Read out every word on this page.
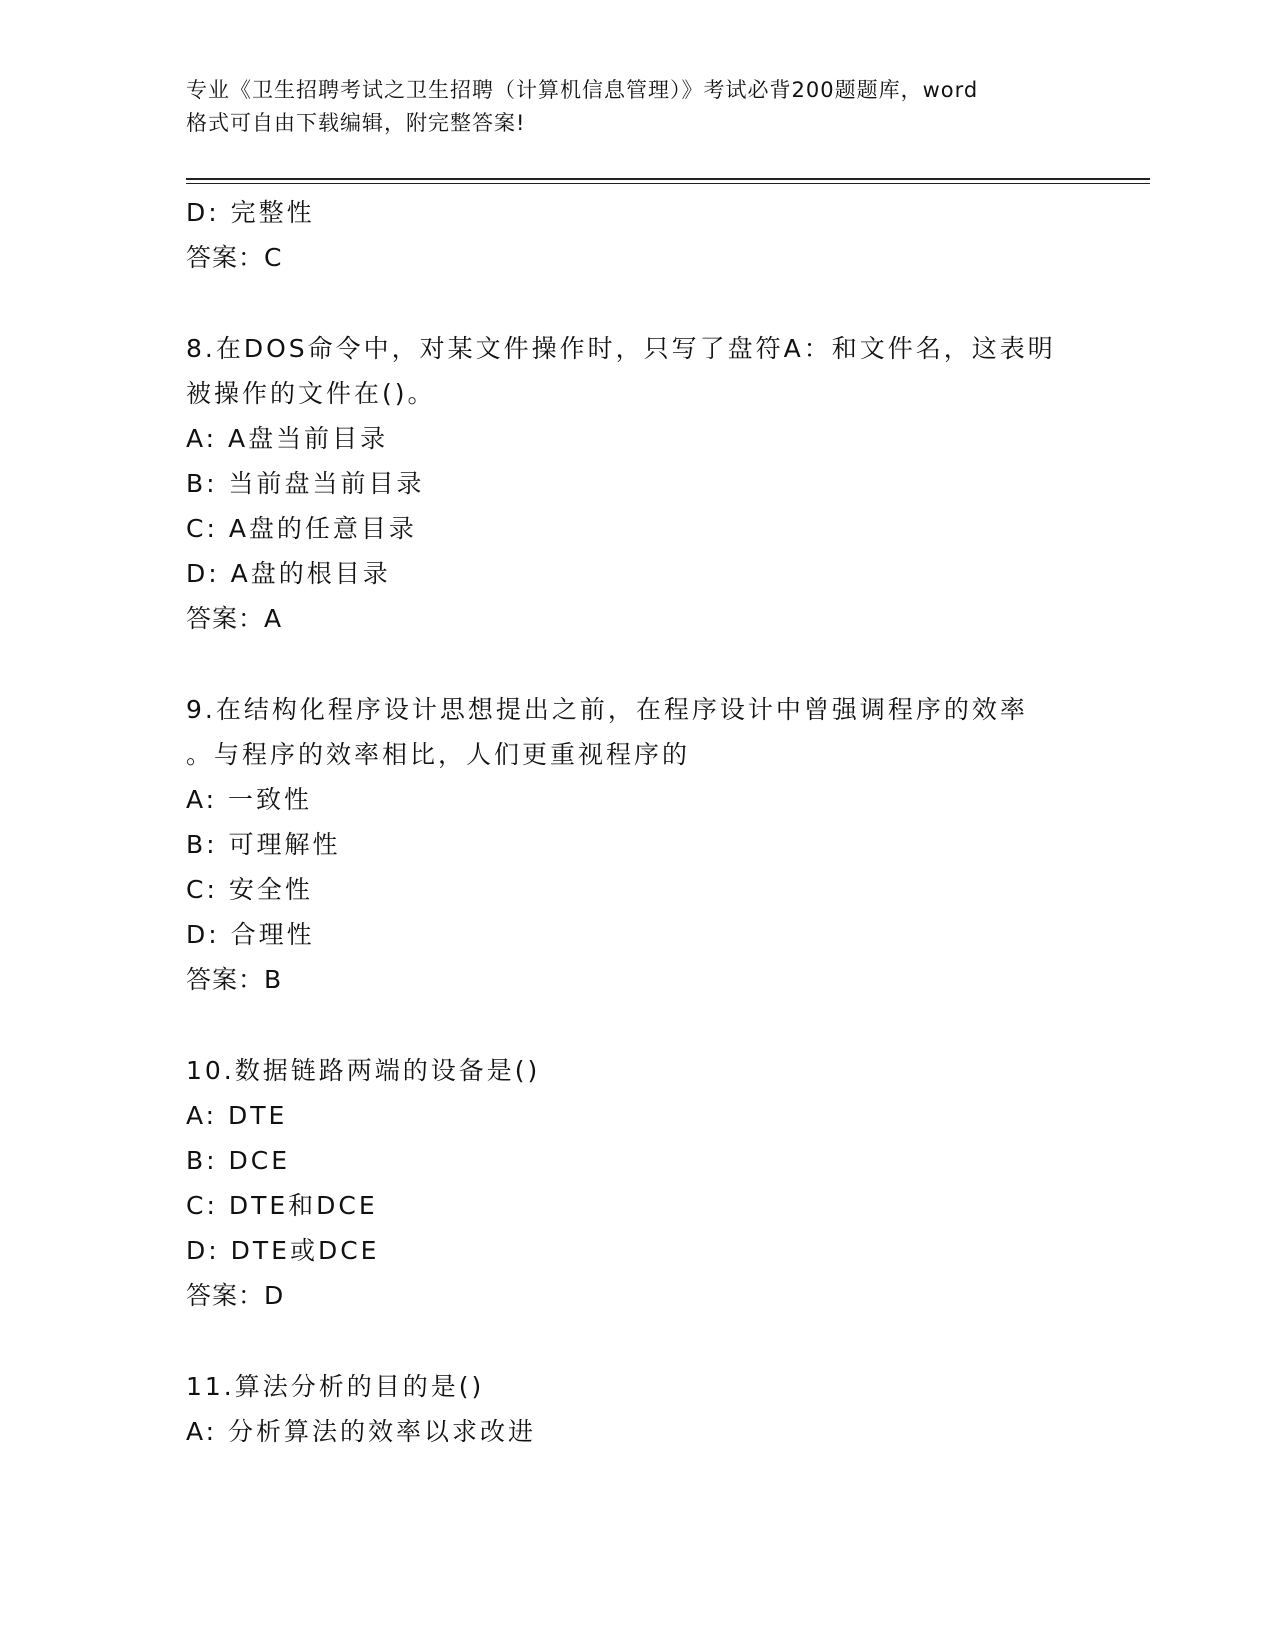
专业《卫生招聘考试之卫生招聘（计算机信息管理）》考试必背200题题库，word
格式可自由下载编辑，附完整答案!
D: 完整性
答案：C
8.在DOS命令中，对某文件操作时，只写了盘符A：和文件名，这表明
被操作的文件在()。
A: A盘当前目录
B: 当前盘当前目录
C: A盘的任意目录
D: A盘的根目录
答案：A
9.在结构化程序设计思想提出之前，在程序设计中曾强调程序的效率
。与程序的效率相比，人们更重视程序的
A: 一致性
B: 可理解性
C: 安全性
D: 合理性
答案：B
10.数据链路两端的设备是()
A: DTE
B: DCE
C: DTE和DCE
D: DTE或DCE
答案：D
11.算法分析的目的是()
A: 分析算法的效率以求改进
